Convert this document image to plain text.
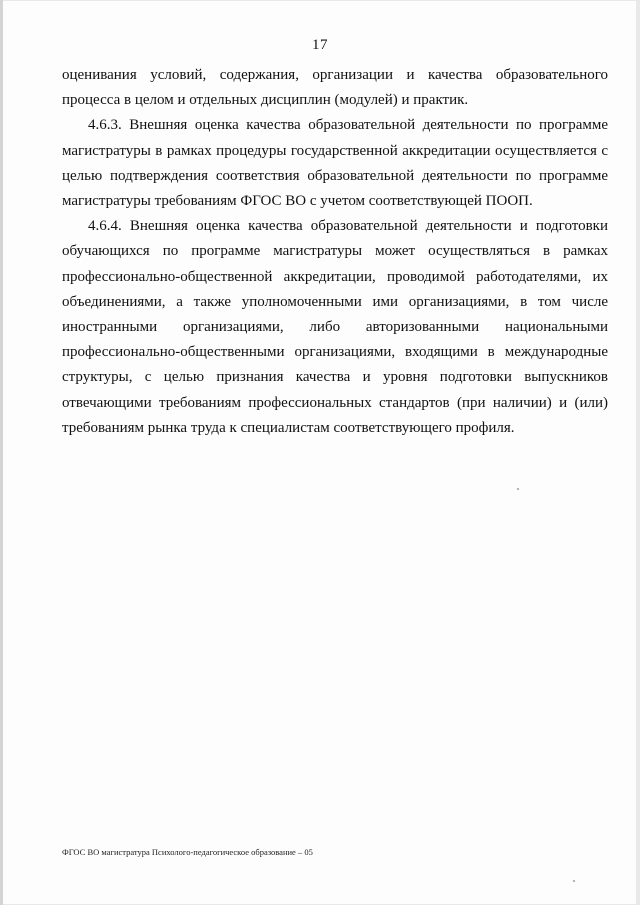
17
оценивания условий, содержания, организации и качества образовательного
процесса в целом и отдельных дисциплин (модулей) и практик.
4.6.3. Внешняя оценка качества образовательной деятельности по программе
магистратуры в рамках процедуры государственной аккредитации осуществляется с
целью подтверждения соответствия образовательной деятельности по программе
магистратуры требованиям ФГОС ВО с учетом соответствующей ПООП.
4.6.4. Внешняя оценка качества образовательной деятельности и подготовки
обучающихся по программе магистратуры может осуществляться в рамках
профессионально-общественной аккредитации, проводимой работодателями, их
объединениями, а также уполномоченными ими организациями, в том числе
иностранными организациями, либо авторизованными национальными
профессионально-общественными организациями, входящими в международные
структуры, с целью признания качества и уровня подготовки выпускников
отвечающими требованиям профессиональных стандартов (при наличии) и (или)
требованиям рынка труда к специалистам соответствующего профиля.
ФГОС ВО магистратура Психолого-педагогическое образование – 05
